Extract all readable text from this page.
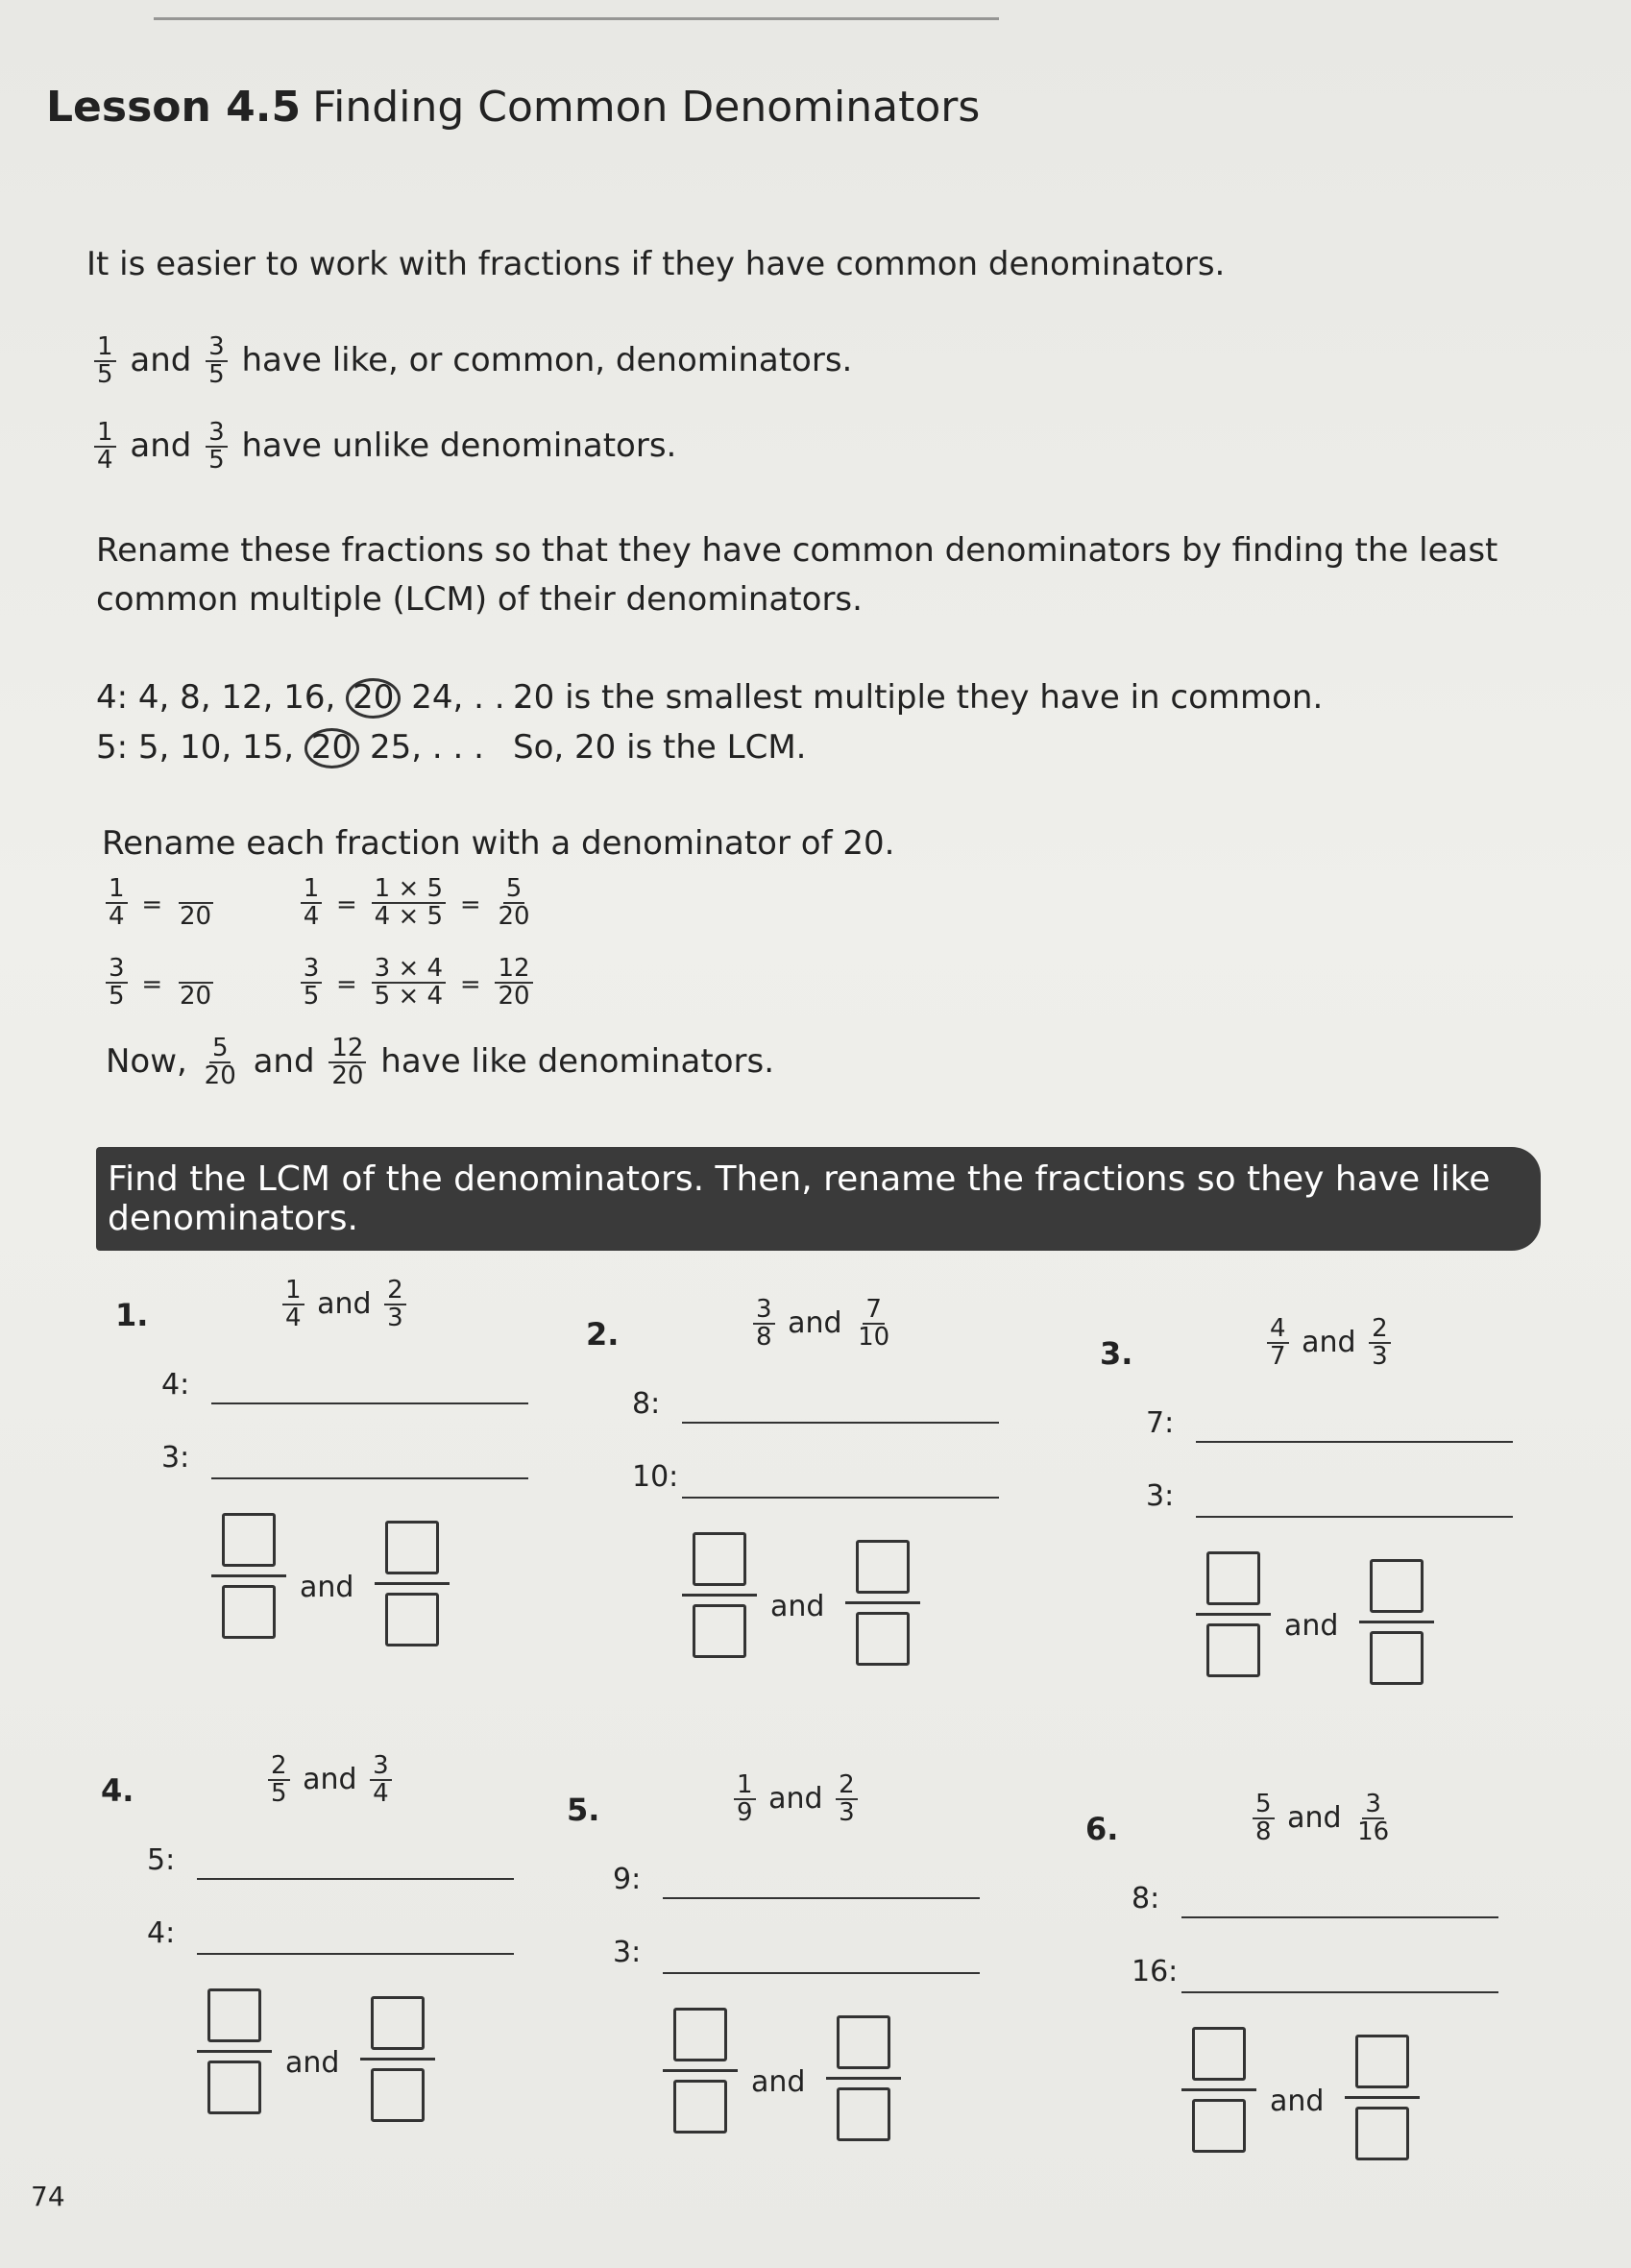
Lesson 4.5 Finding Common Denominators
It is easier to work with fractions if they have common denominators.
$\frac{1}{5}$ and $\frac{3}{5}$ have like, or common, denominators.
$\frac{1}{4}$ and $\frac{3}{5}$ have unlike denominators.
Rename these fractions so that they have common denominators by finding the least common multiple (LCM) of their denominators.
4: 4, 8, 12, 16, 20 24, . . .
20 is the smallest multiple they have in common.
5: 5, 10, 15, 20 25, . . . So, 20 is the LCM.
Rename each fraction with a denominator of 20.
$\frac{1}{4} = 20$
	$\frac{1}{4} = \frac{1 \times 5}{4 \times 5} = \frac{5}{20}$
$\frac{3}{5} = 20$
	$\frac{3}{5} = \frac{3 \times 4}{5 \times 4} = \frac{12}{20}$
Now, $\frac{5}{20}$ and $\frac{12}{20}$ have like denominators.
Find the LCM of the denominators. Then, rename the fractions so they have like denominators.
1.	$\frac{1}{4}$ and $\frac{2}{3}$
4:
3:
and
2.	$\frac{3}{8}$ and $\frac{7}{10}$
8:
10:
and
3.	$\frac{4}{7}$ and $\frac{2}{3}$
7:
3:
and
4.	$\frac{2}{5}$ and $\frac{3}{4}$
5:
4:
and
5.	$\frac{1}{9}$ and $\frac{2}{3}$
9:
3:
and
6.	$\frac{5}{8}$ and $\frac{3}{16}$
8:
16:
and
74
